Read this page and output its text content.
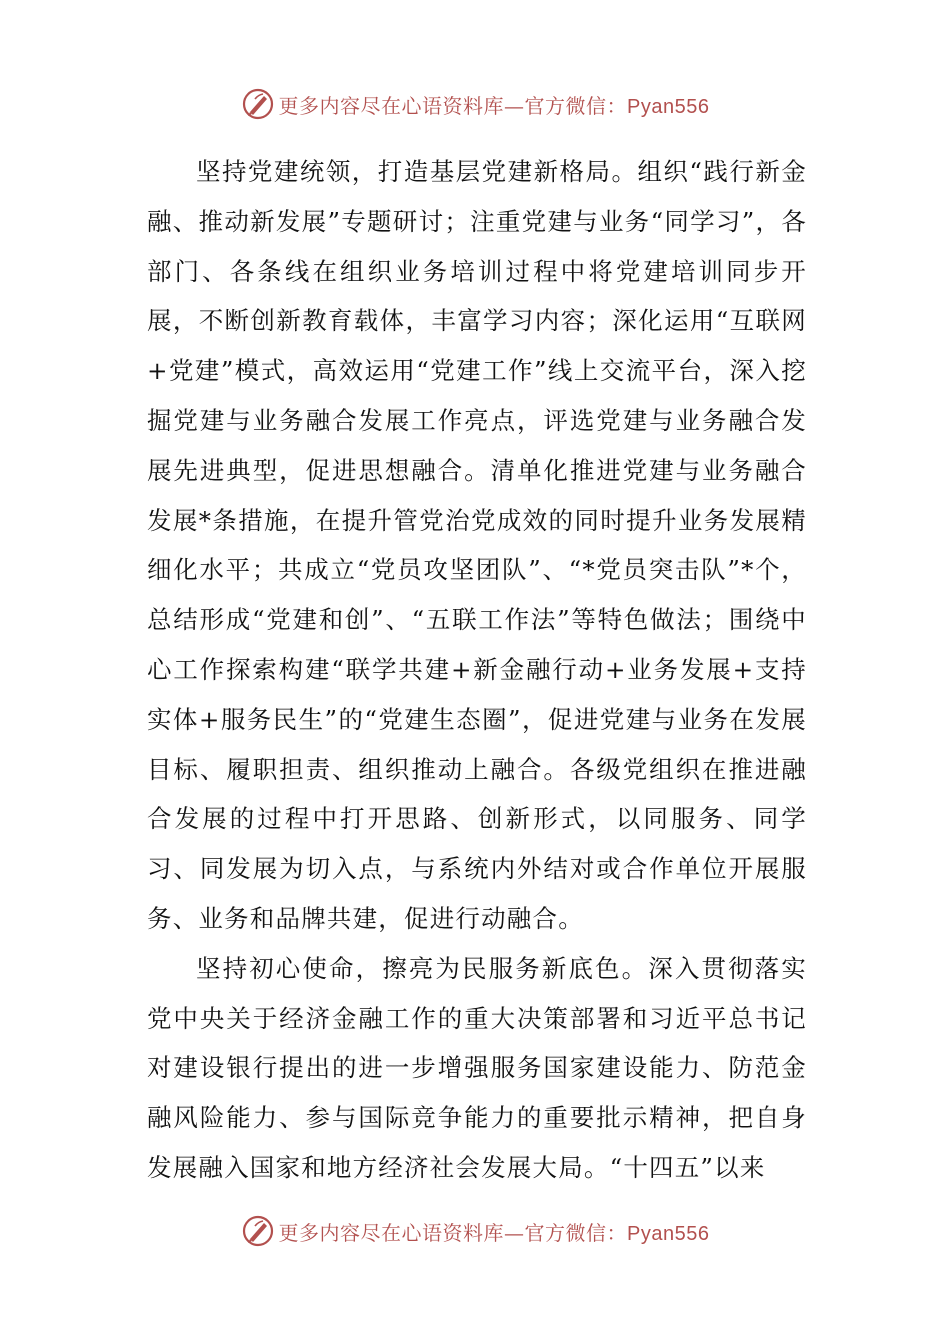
更多内容尽在心语资料库—官方微信：Pyan556

坚持党建统领，打造基层党建新格局。组织“践行新金融、推动新发展”专题研讨；注重党建与业务“同学习”，各部门、各条线在组织业务培训过程中将党建培训同步开展，不断创新教育载体，丰富学习内容；深化运用“互联网+党建”模式，高效运用“党建工作”线上交流平台，深入挖掘党建与业务融合发展工作亮点，评选党建与业务融合发展先进典型，促进思想融合。清单化推进党建与业务融合发展*条措施，在提升管党治党成效的同时提升业务发展精细化水平；共成立“党员攻坚团队”、“*党员突击队”*个，总结形成“党建和创”、“五联工作法”等特色做法；围绕中心工作探索构建“联学共建+新金融行动+业务发展+支持实体+服务民生”的“党建生态圈”，促进党建与业务在发展目标、履职担责、组织推动上融合。各级党组织在推进融合发展的过程中打开思路、创新形式，以同服务、同学习、同发展为切入点，与系统内外结对或合作单位开展服务、业务和品牌共建，促进行动融合。

坚持初心使命，擦亮为民服务新底色。深入贯彻落实党中央关于经济金融工作的重大决策部署和习近平总书记对建设银行提出的进一步增强服务国家建设能力、防范金融风险能力、参与国际竞争能力的重要批示精神，把自身发展融入国家和地方经济社会发展大局。“十四五”以来

更多内容尽在心语资料库—官方微信：Pyan556
